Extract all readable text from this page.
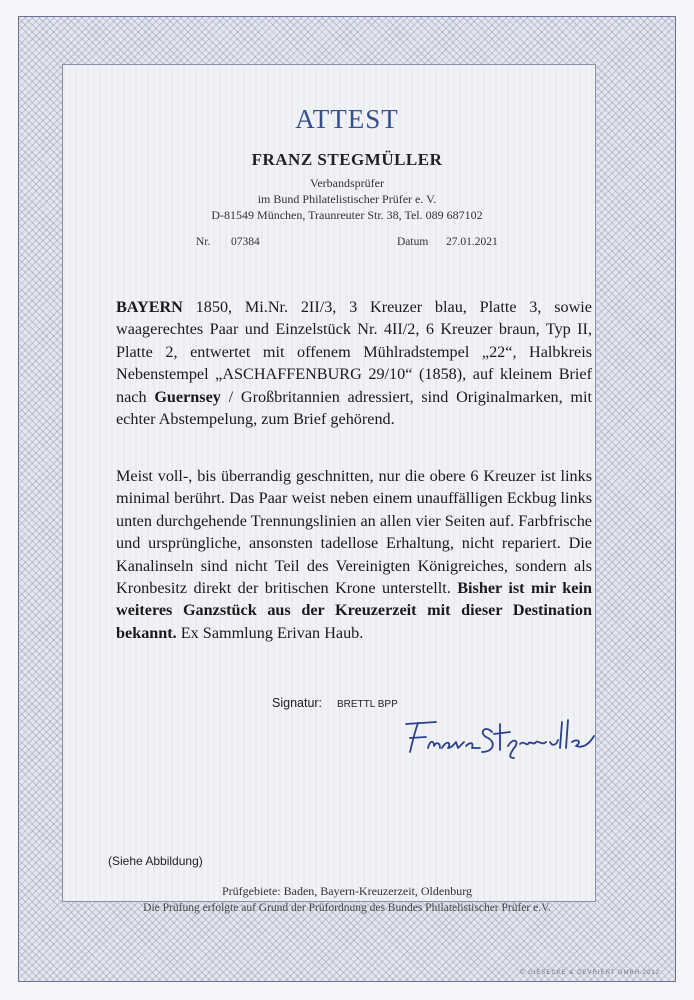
ATTEST
FRANZ STEGMÜLLER
Verbandsprüfer
im Bund Philatelistischer Prüfer e. V.
D-81549 München, Traunreuter Str. 38, Tel. 089 687102
Nr. 07384	Datum 27.01.2021

BAYERN 1850, Mi.Nr. 2II/3, 3 Kreuzer blau, Platte 3, sowie waagerechtes Paar und Einzelstück Nr. 4II/2, 6 Kreuzer braun, Typ II, Platte 2, entwertet mit offenem Mühlradstempel „22“, Halbkreis Nebenstempel „ASCHAFFENBURG 29/10“ (1858), auf kleinem Brief nach Guernsey / Großbritannien adressiert, sind Originalmarken, mit echter Abstempelung, zum Brief gehörend.

Meist voll-, bis überrandig geschnitten, nur die obere 6 Kreuzer ist links minimal berührt. Das Paar weist neben einem unauffälligen Eckbug links unten durchgehende Trennungslinien an allen vier Seiten auf. Farbfrische und ursprüngliche, ansonsten tadellose Erhaltung, nicht repariert. Die Kanalinseln sind nicht Teil des Vereinigten Königreiches, sondern als Kronbesitz direkt der britischen Krone unterstellt. Bisher ist mir kein weiteres Ganzstück aus der Kreuzerzeit mit dieser Destination bekannt. Ex Sammlung Erivan Haub.

Signatur: BRETTL BPP
(Siehe Abbildung)
Prüfgebiete: Baden, Bayern-Kreuzerzeit, Oldenburg
Die Prüfung erfolgte auf Grund der Prüfordnung des Bundes Philatelistischer Prüfer e.V.
© GIESECKE & DEVRIENT GMBH 2012
